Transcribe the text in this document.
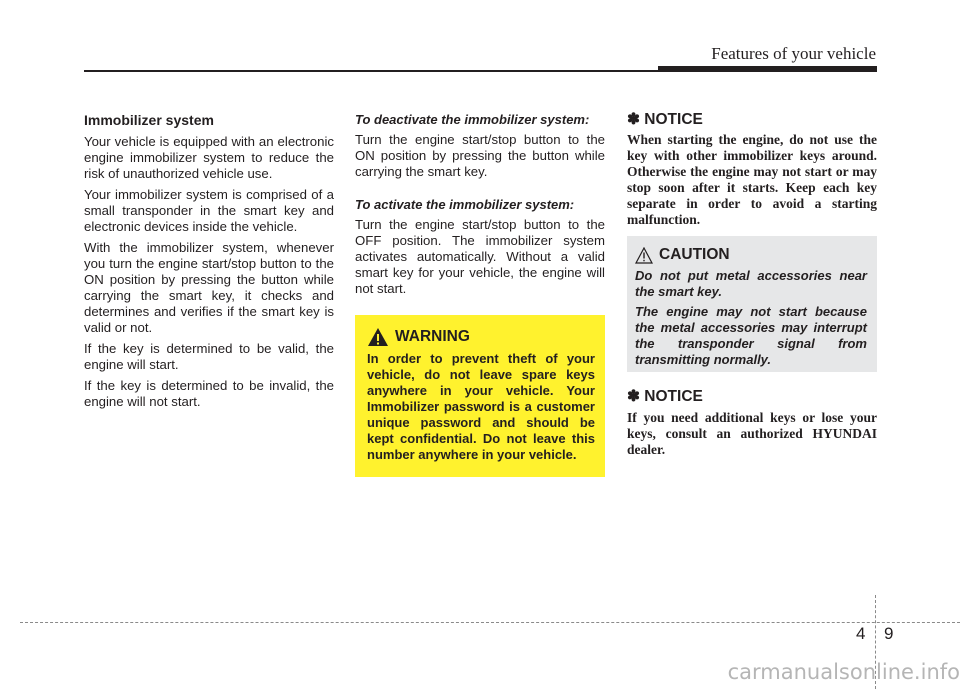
Features of your vehicle
Immobilizer system

Your vehicle is equipped with an electronic engine immobilizer system to reduce the risk of unauthorized vehicle use.

Your immobilizer system is comprised of a small transponder in the smart key and electronic devices inside the vehicle.

With the immobilizer system, whenever you turn the engine start/stop button to the ON position by pressing the button while carrying the smart key, it checks and determines and verifies if the smart key is valid or not.

If the key is determined to be valid, the engine will start.

If the key is determined to be invalid, the engine will not start.

To deactivate the immobilizer system:

Turn the engine start/stop button to the ON position by pressing the button while carrying the smart key.

To activate the immobilizer system:

Turn the engine start/stop button to the OFF position. The immobilizer system activates automatically. Without a valid smart key for your vehicle, the engine will not start.

WARNING
In order to prevent theft of your vehicle, do not leave spare keys anywhere in your vehicle. Your Immobilizer password is a customer unique password and should be kept confidential. Do not leave this number anywhere in your vehicle.
✽ NOTICE

When starting the engine, do not use the key with other immobilizer keys around. Otherwise the engine may not start or may stop soon after it starts. Keep each key separate in order to avoid a starting malfunction.

CAUTION

Do not put metal accessories near the smart key.

The engine may not start because the metal accessories may interrupt the transponder signal from transmitting normally.

✽ NOTICE

If you need additional keys or lose your keys, consult an authorized HYUNDAI dealer.

4 9
carmanualsonline.info
